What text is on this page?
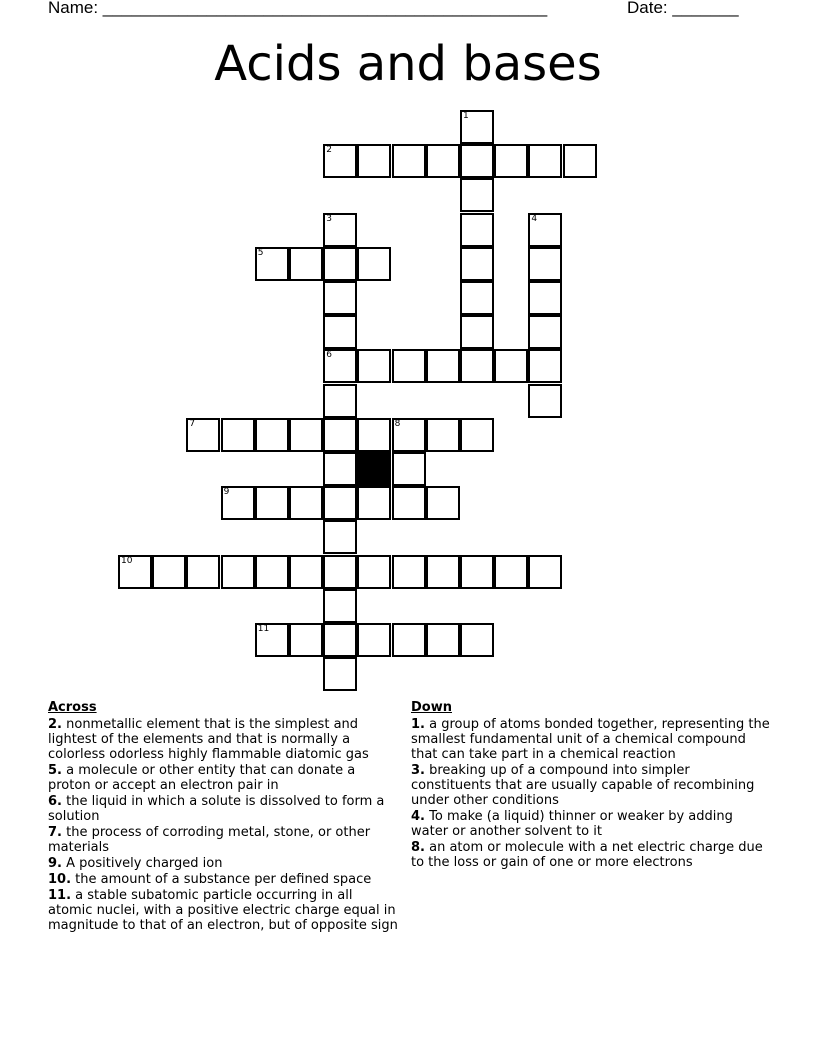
Name: _______________________________________________	Date: _______
Acids and bases
1
2
3	4
5
6
7	8
9
10
11
Across
2. nonmetallic element that is the simplest and lightest of the elements and that is normally a colorless odorless highly flammable diatomic gas
5. a molecule or other entity that can donate a proton or accept an electron pair in
6. the liquid in which a solute is dissolved to form a solution
7. the process of corroding metal, stone, or other materials
9. A positively charged ion
10. the amount of a substance per defined space
11. a stable subatomic particle occurring in all atomic nuclei, with a positive electric charge equal in magnitude to that of an electron, but of opposite sign
Down
1. a group of atoms bonded together, representing the smallest fundamental unit of a chemical compound that can take part in a chemical reaction
3. breaking up of a compound into simpler constituents that are usually capable of recombining under other conditions
4. To make (a liquid) thinner or weaker by adding water or another solvent to it
8. an atom or molecule with a net electric charge due to the loss or gain of one or more electrons
